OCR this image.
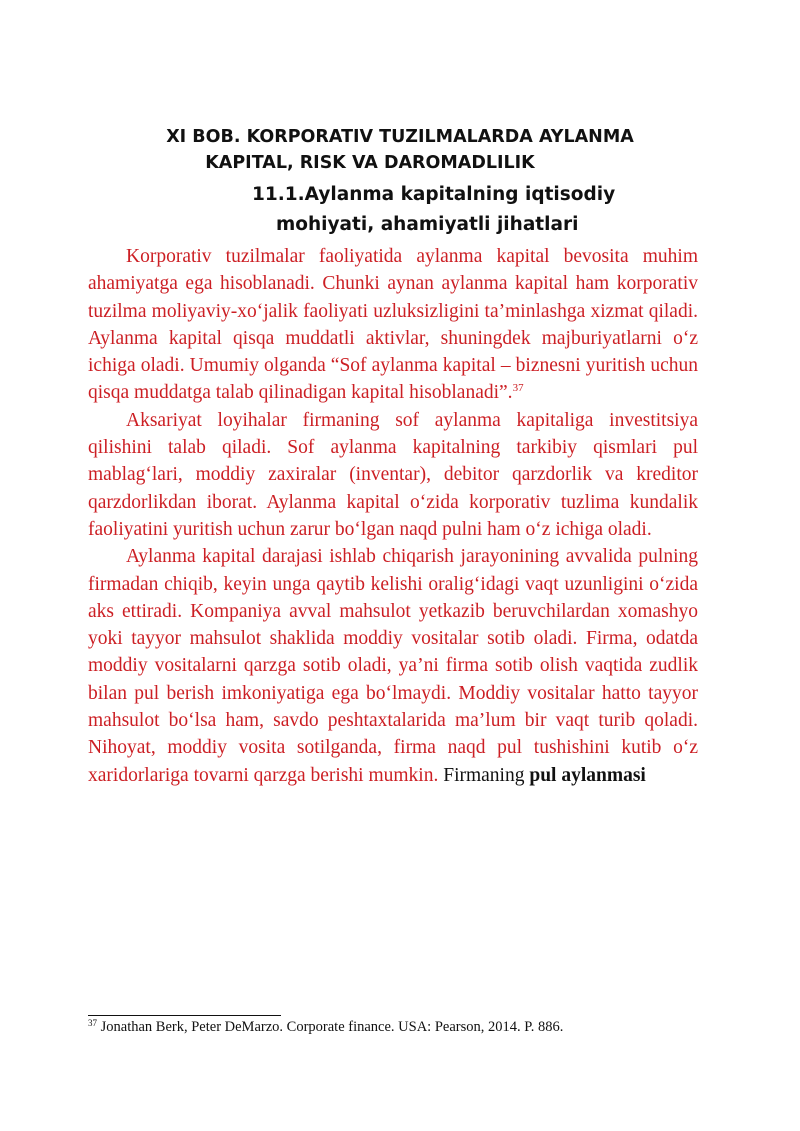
XI BOB. KORPORATIV TUZILMALARDA AYLANMA
KAPITAL, RISK VA DAROMADLILIK
11.1.Aylanma kapitalning iqtisodiy
mohiyati, ahamiyatli jihatlari

Korporativ tuzilmalar faoliyatida aylanma kapital bevosita muhim ahamiyatga ega hisoblanadi. Chunki aynan aylanma kapital ham korporativ tuzilma moliyaviy-xo‘jalik faoliyati uzluksizligini ta’minlashga xizmat qiladi. Aylanma kapital qisqa muddatli aktivlar, shuningdek majburiyatlarni o‘z ichiga oladi. Umumiy olganda “Sof aylanma kapital – biznesni yuritish uchun qisqa muddatga talab qilinadigan kapital hisoblanadi”.$^{37}$

Aksariyat loyihalar firmaning sof aylanma kapitaliga investitsiya qilishini talab qiladi. Sof aylanma kapitalning tarkibiy qismlari pul mablag‘lari, moddiy zaxiralar (inventar), debitor qarzdorlik va kreditor qarzdorlikdan iborat. Aylanma kapital o‘zida korporativ tuzlima kundalik faoliyatini yuritish uchun zarur bo‘lgan naqd pulni ham o‘z ichiga oladi.

Aylanma kapital darajasi ishlab chiqarish jarayonining avvalida pulning firmadan chiqib, keyin unga qaytib kelishi oralig‘idagi vaqt uzunligini o‘zida aks ettiradi. Kompaniya avval mahsulot yetkazib beruvchilardan xomashyo yoki tayyor mahsulot shaklida moddiy vositalar sotib oladi. Firma, odatda moddiy vositalarni qarzga sotib oladi, ya’ni firma sotib olish vaqtida zudlik bilan pul berish imkoniyatiga ega bo‘lmaydi. Moddiy vositalar hatto tayyor mahsulot bo‘lsa ham, savdo peshtaxtalarida ma’lum bir vaqt turib qoladi. Nihoyat, moddiy vosita sotilganda, firma naqd pul tushishini kutib o‘z xaridorlariga tovarni qarzga berishi mumkin. Firmaning pul aylanmasi

$^{37}$ Jonathan Berk, Peter DeMarzo. Corporate finance. USA: Pearson, 2014. P. 886.
